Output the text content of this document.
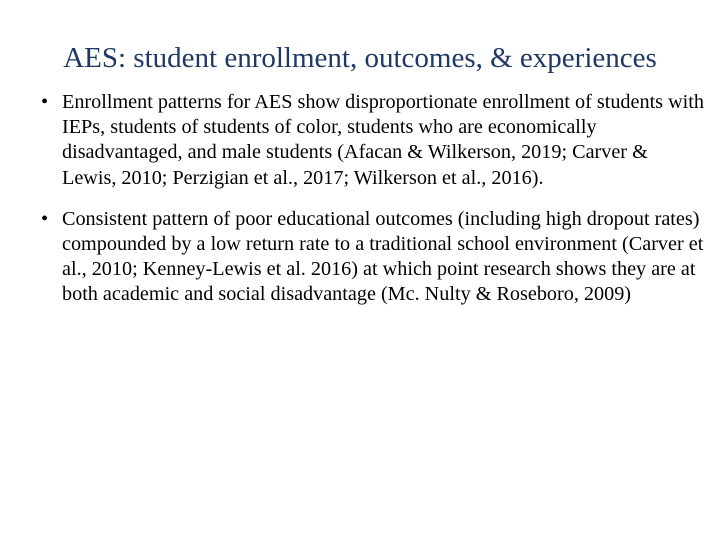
AES: student enrollment, outcomes, & experiences
• Enrollment patterns for AES show disproportionate enrollment of students with IEPs, students of students of color, students who are economically disadvantaged, and male students (Afacan & Wilkerson, 2019; Carver & Lewis, 2010; Perzigian et al., 2017; Wilkerson et al., 2016).
• Consistent pattern of poor educational outcomes (including high dropout rates) compounded by a low return rate to a traditional school environment (Carver et al., 2010; Kenney-Lewis et al. 2016) at which point research shows they are at both academic and social disadvantage (Mc. Nulty & Roseboro, 2009)
